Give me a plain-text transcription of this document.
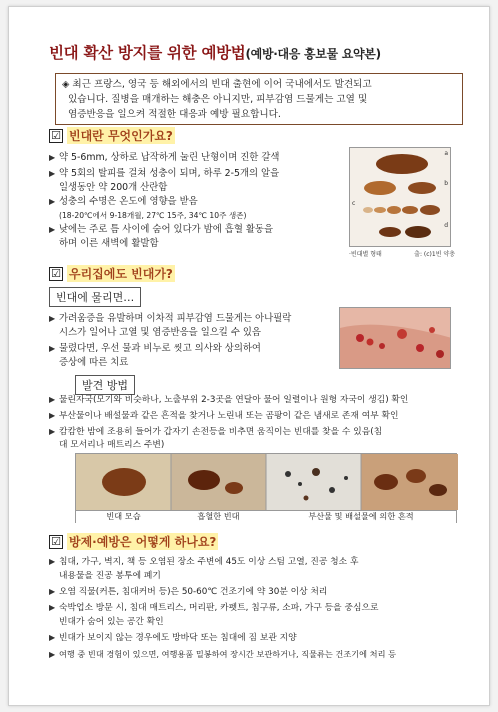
빈대 확산 방지를 위한 예방법(예방·대응 홍보물 요약본)
◈ 최근 프랑스, 영국 등 해외에서의 빈대 출현에 이어 국내에서도 발견되고
있습니다. 질병을 매개하는 해충은 아니지만, 피부감염 드물게는 고열 및
염증반응을 일으켜 적절한 대응과 예방 필요합니다.
☑ 빈대란 무엇인가요?
▶ 약 5-6mm, 상하로 납작하게 눌린 난형이며 진한 갈색
▶ 약 5회의 탈피를 걸쳐 성충이 되며, 하루 2-5개의 알을
일생동안 약 200개 산란함
▶ 성충의 수명은 온도에 영향을 받음
(18-20℃에서 9-18개월, 27℃ 15주, 34℃ 10주 생존)
▶ 낮에는 주로 틈 사이에 숨어 있다가 밤에 흡혈 활동을
하며 이른 새벽에 활발함
a
b
c
d
·빈대별 형태	출: (c)1빈 약충
☑ 우리집에도 빈대가?
빈대에 물리면…
▶ 가려움증을 유발하며 이차적 피부감염 드물게는 아나필락
시스가 일어나 고열 및 염증반응을 일으킬 수 있음
▶ 물렸다면, 우선 물과 비누로 씻고 의사와 상의하여
증상에 따른 치료
발견 방법
▶ 물린자국(모기와 비슷하나, 노출부위 2-3곳을 연달아 물어 일렬이나 원형 자국이 생김) 확인
▶ 부산물이나 배설물과 같은 흔적을 찾거나 노린내 또는 곰팡이 같은 냄새로 존재 여부 확인
▶ 캄캄한 밤에 조용히 들어가 갑자기 손전등을 비추면 움직이는 빈대를 찾을 수 있음(침
대 모서리나 매트리스 주변)
빈대 모습	흡혈한 빈대	부산물 및 배설물에 의한 흔적
☑ 방제·예방은 어떻게 하나요?
▶ 침대, 가구, 벽지, 책 등 오염된 장소 주변에 45도 이상 스팀 고열, 진공 청소 후
내용물을 진공 봉투에 폐기
▶ 오염 직물(커튼, 침대커버 등)은 50-60℃ 건조기에 약 30분 이상 처리
▶ 숙박업소 방문 시, 침대 매트리스, 머리판, 카펫트, 침구류, 소파, 가구 등을 중심으로
빈대가 숨어 있는 공간 확인
▶ 빈대가 보이지 않는 경우에도 방바닥 또는 침대에 짐 보관 지양
▶ 여행 중 빈대 경험이 있으면, 여행용품 밀봉하여 장시간 보관하거나, 직물류는 건조기에 처리 등
